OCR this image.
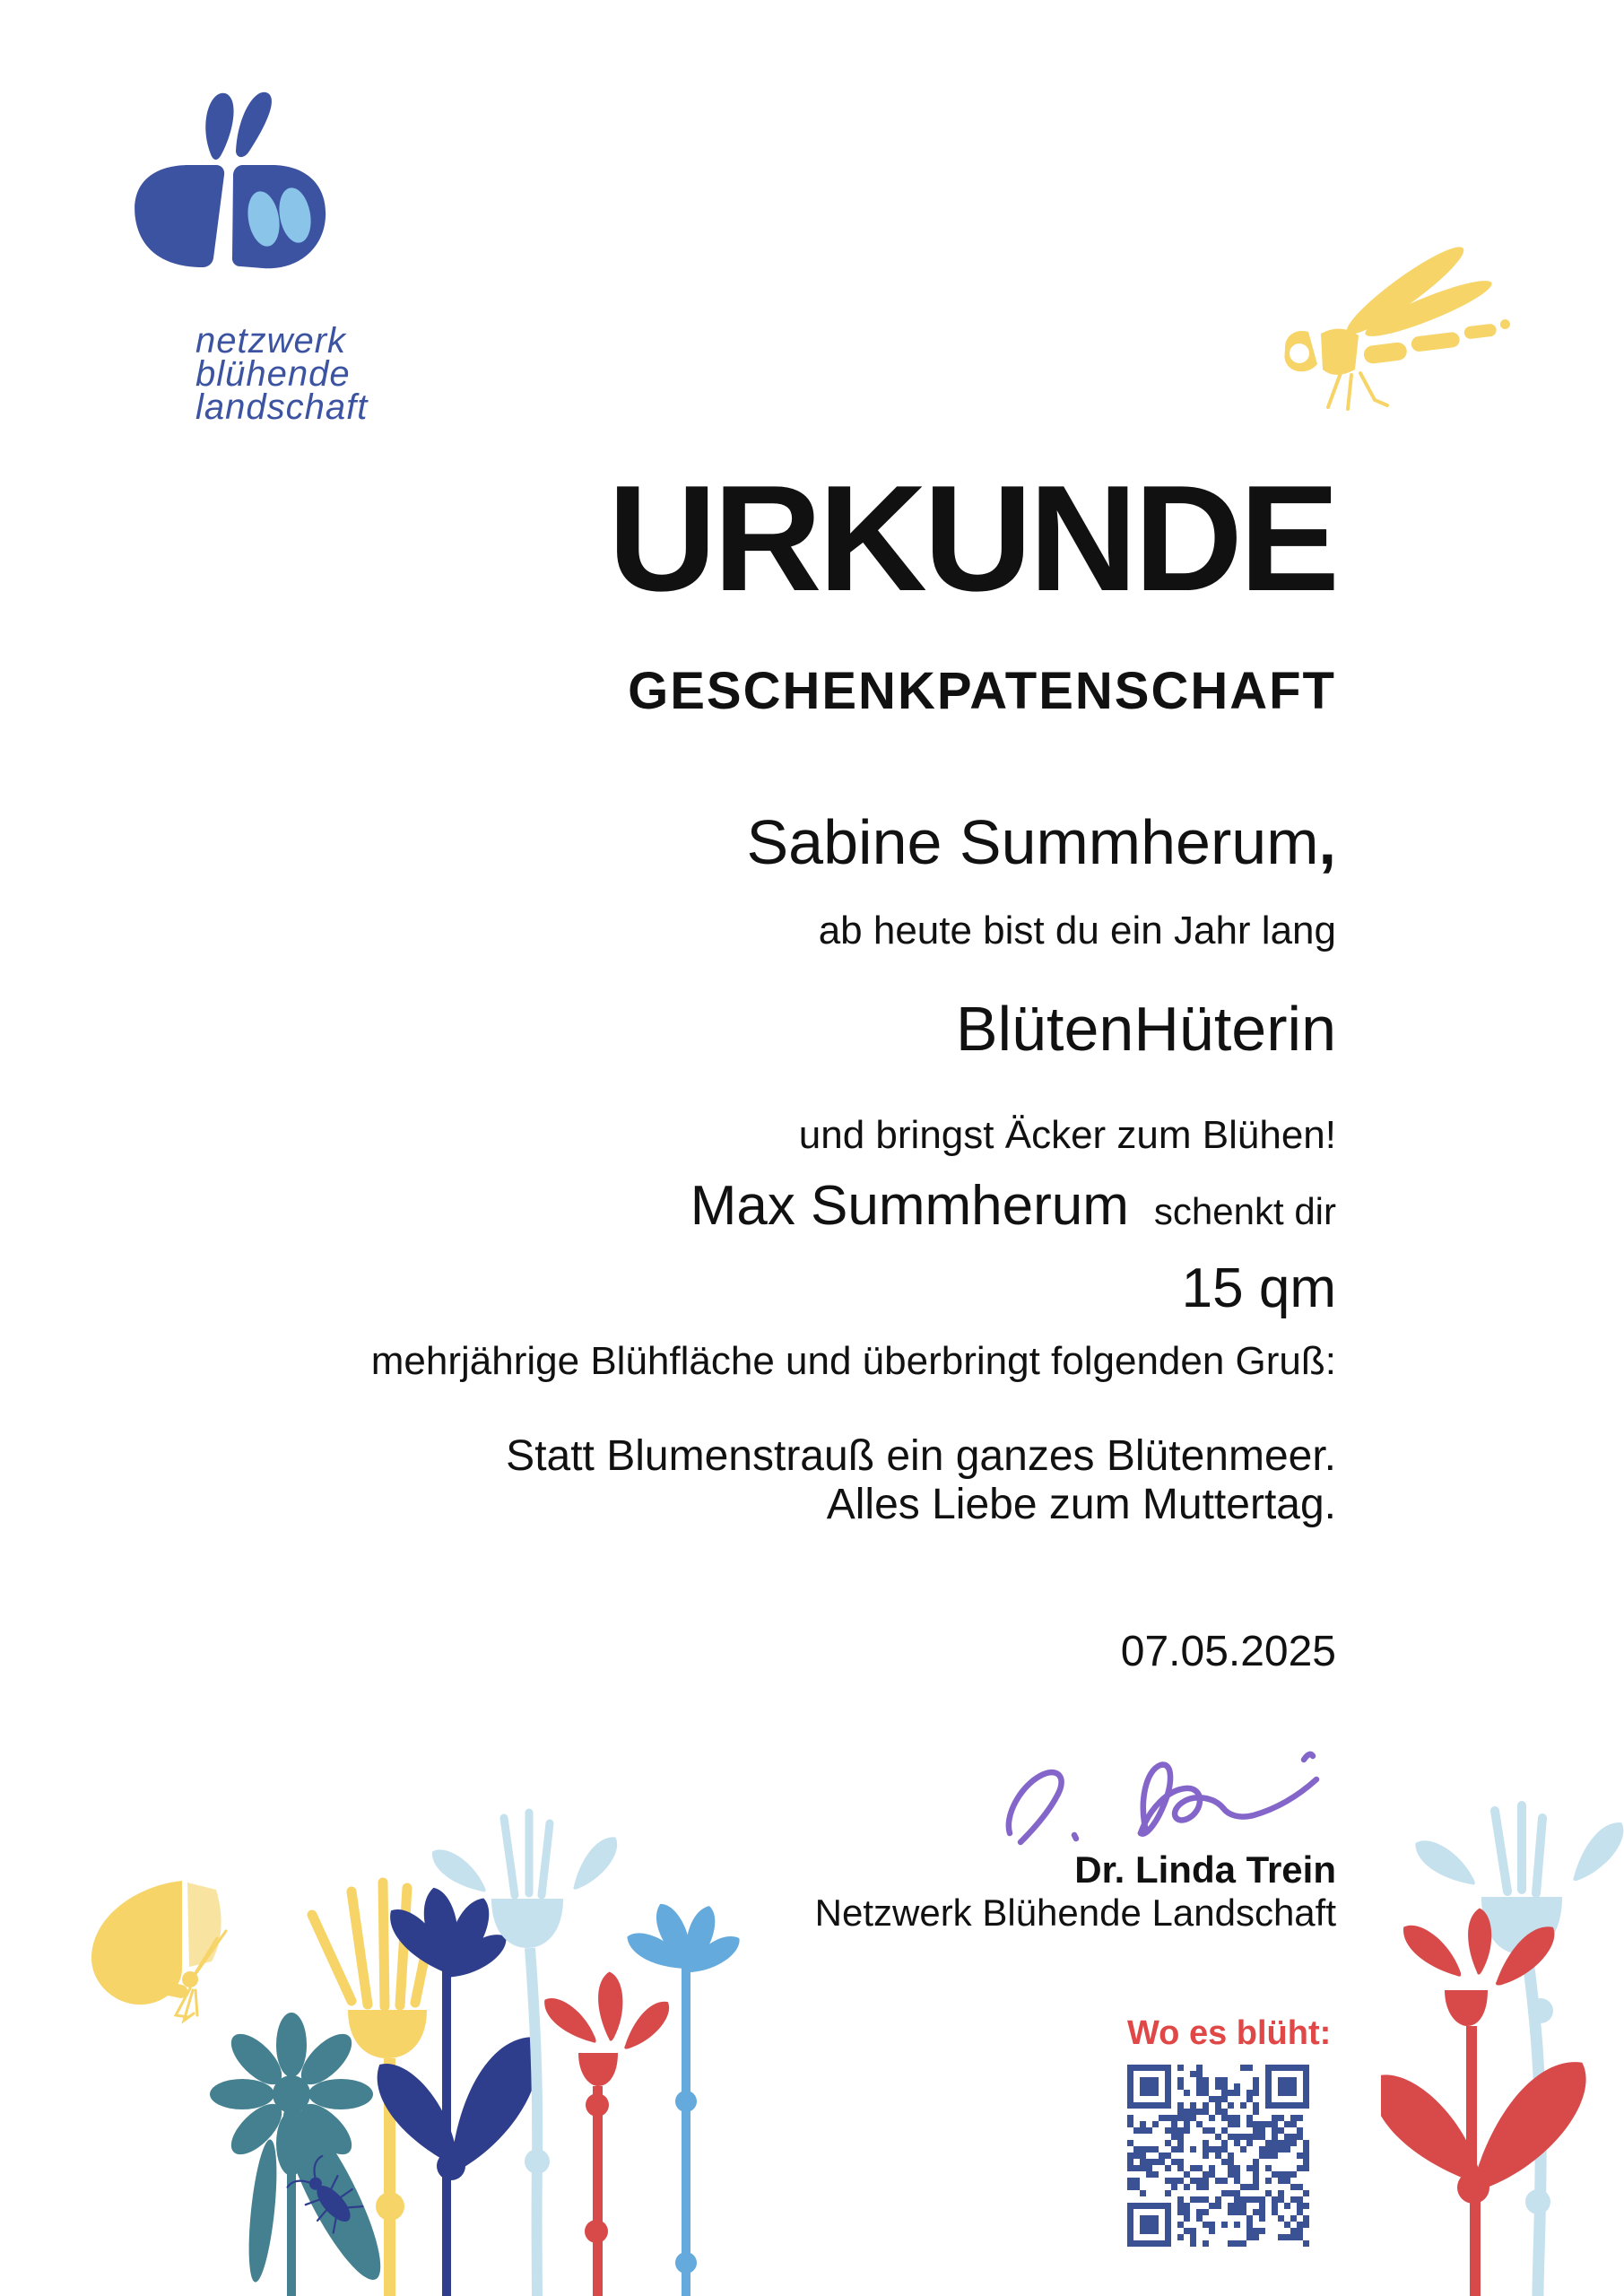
netzwerk
blühende
landschaft
URKUNDE
GESCHENKPATENSCHAFT
Sabine Summherum,
ab heute bist du ein Jahr lang
BlütenHüterin
und bringst Äcker zum Blühen!
Max Summherum schenkt dir
15 qm
mehrjährige Blühfläche und überbringt folgenden Gruß:
Statt Blumenstrauß ein ganzes Blütenmeer.
Alles Liebe zum Muttertag.
07.05.2025
Dr. Linda Trein
Netzwerk Blühende Landschaft
Wo es blüht:
